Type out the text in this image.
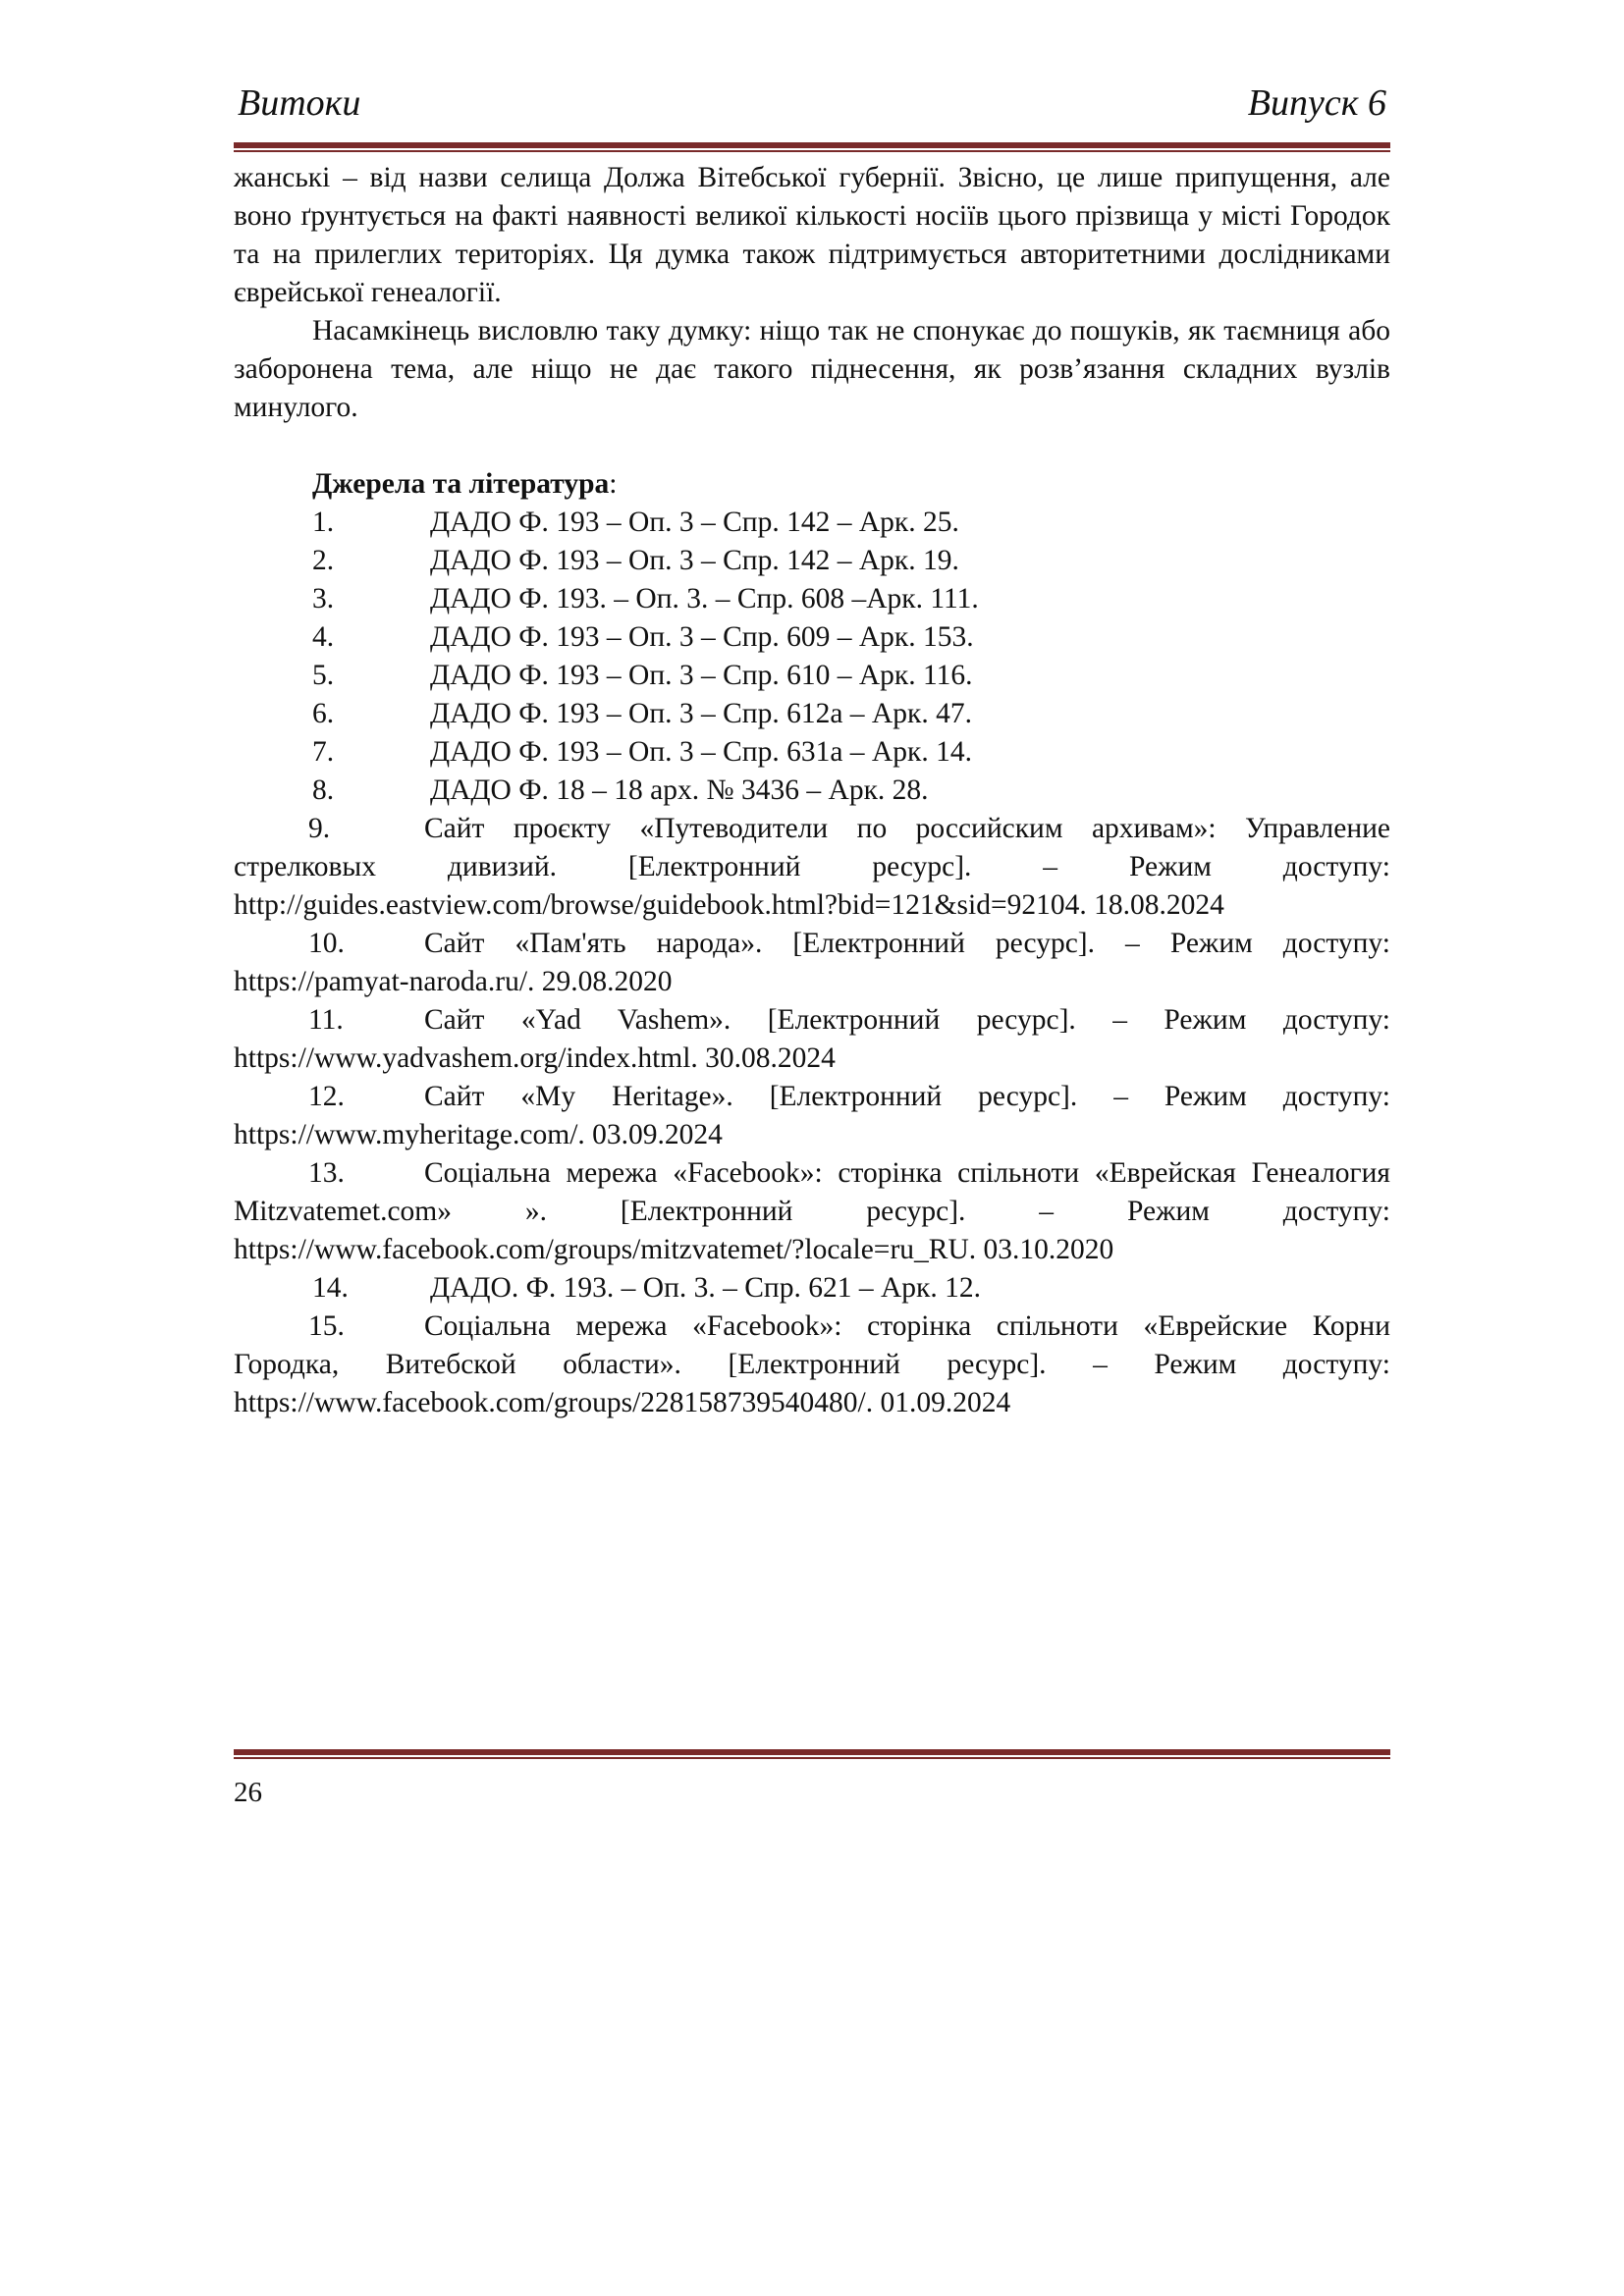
Витоки	Випуск 6

жанські – від назви селища Должа Вітебської губернії. Звісно, це лише припущення, але воно ґрунтується на факті наявності великої кількості носіїв цього прізвища у місті Городок та на прилеглих територіях. Ця думка також підтримується авторитетними дослідниками єврейської генеалогії.

Насамкінець висловлю таку думку: ніщо так не спонукає до пошуків, як таємниця або заборонена тема, але ніщо не дає такого піднесення, як розв’язання складних вузлів минулого.

Джерела та література:

1.	ДАДО Ф. 193 – Оп. 3 – Спр. 142 – Арк. 25.

2.	ДАДО Ф. 193 – Оп. 3 – Спр. 142 – Арк. 19.

3.	ДАДО Ф. 193. – Оп. 3. – Спр. 608 –Арк. 111.

4.	ДАДО Ф. 193 – Оп. 3 – Спр. 609 – Арк. 153.

5.	ДАДО Ф. 193 – Оп. 3 – Спр. 610 – Арк. 116.

6.	ДАДО Ф. 193 – Оп. 3 – Спр. 612а – Арк. 47.

7.	ДАДО Ф. 193 – Оп. 3 – Спр. 631а – Арк. 14.

8.	ДАДО Ф. 18 – 18 арх. № 3436 – Арк. 28.

9.	Сайт проєкту «Путеводители по российским архивам»: Управление стрелковых дивизий. [Електронний ресурс]. – Режим доступу: http://guides.eastview.com/browse/guidebook.html?bid=121&sid=92104. 18.08.2024

10.	Сайт «Пам'ять народа». [Електронний ресурс]. – Режим доступу: https://pamyat-naroda.ru/. 29.08.2020

11.	Сайт «Yad Vashem». [Електронний ресурс]. – Режим доступу: https://www.yadvashem.org/index.html. 30.08.2024

12.	Сайт «My Heritage». [Електронний ресурс]. – Режим доступу: https://www.myheritage.com/. 03.09.2024

13.	Соціальна мережа «Facebook»: сторінка спільноти «Еврейская Генеалогия Mitzvatemet.com» ». [Електронний ресурс]. – Режим доступу: https://www.facebook.com/groups/mitzvatemet/?locale=ru_RU. 03.10.2020

14.	ДАДО. Ф. 193. – Оп. 3. – Спр. 621 – Арк. 12.

15.	Соціальна мережа «Facebook»: сторінка спільноти «Еврейские Корни Городка, Витебской области». [Електронний ресурс]. – Режим доступу: https://www.facebook.com/groups/228158739540480/. 01.09.2024

26
